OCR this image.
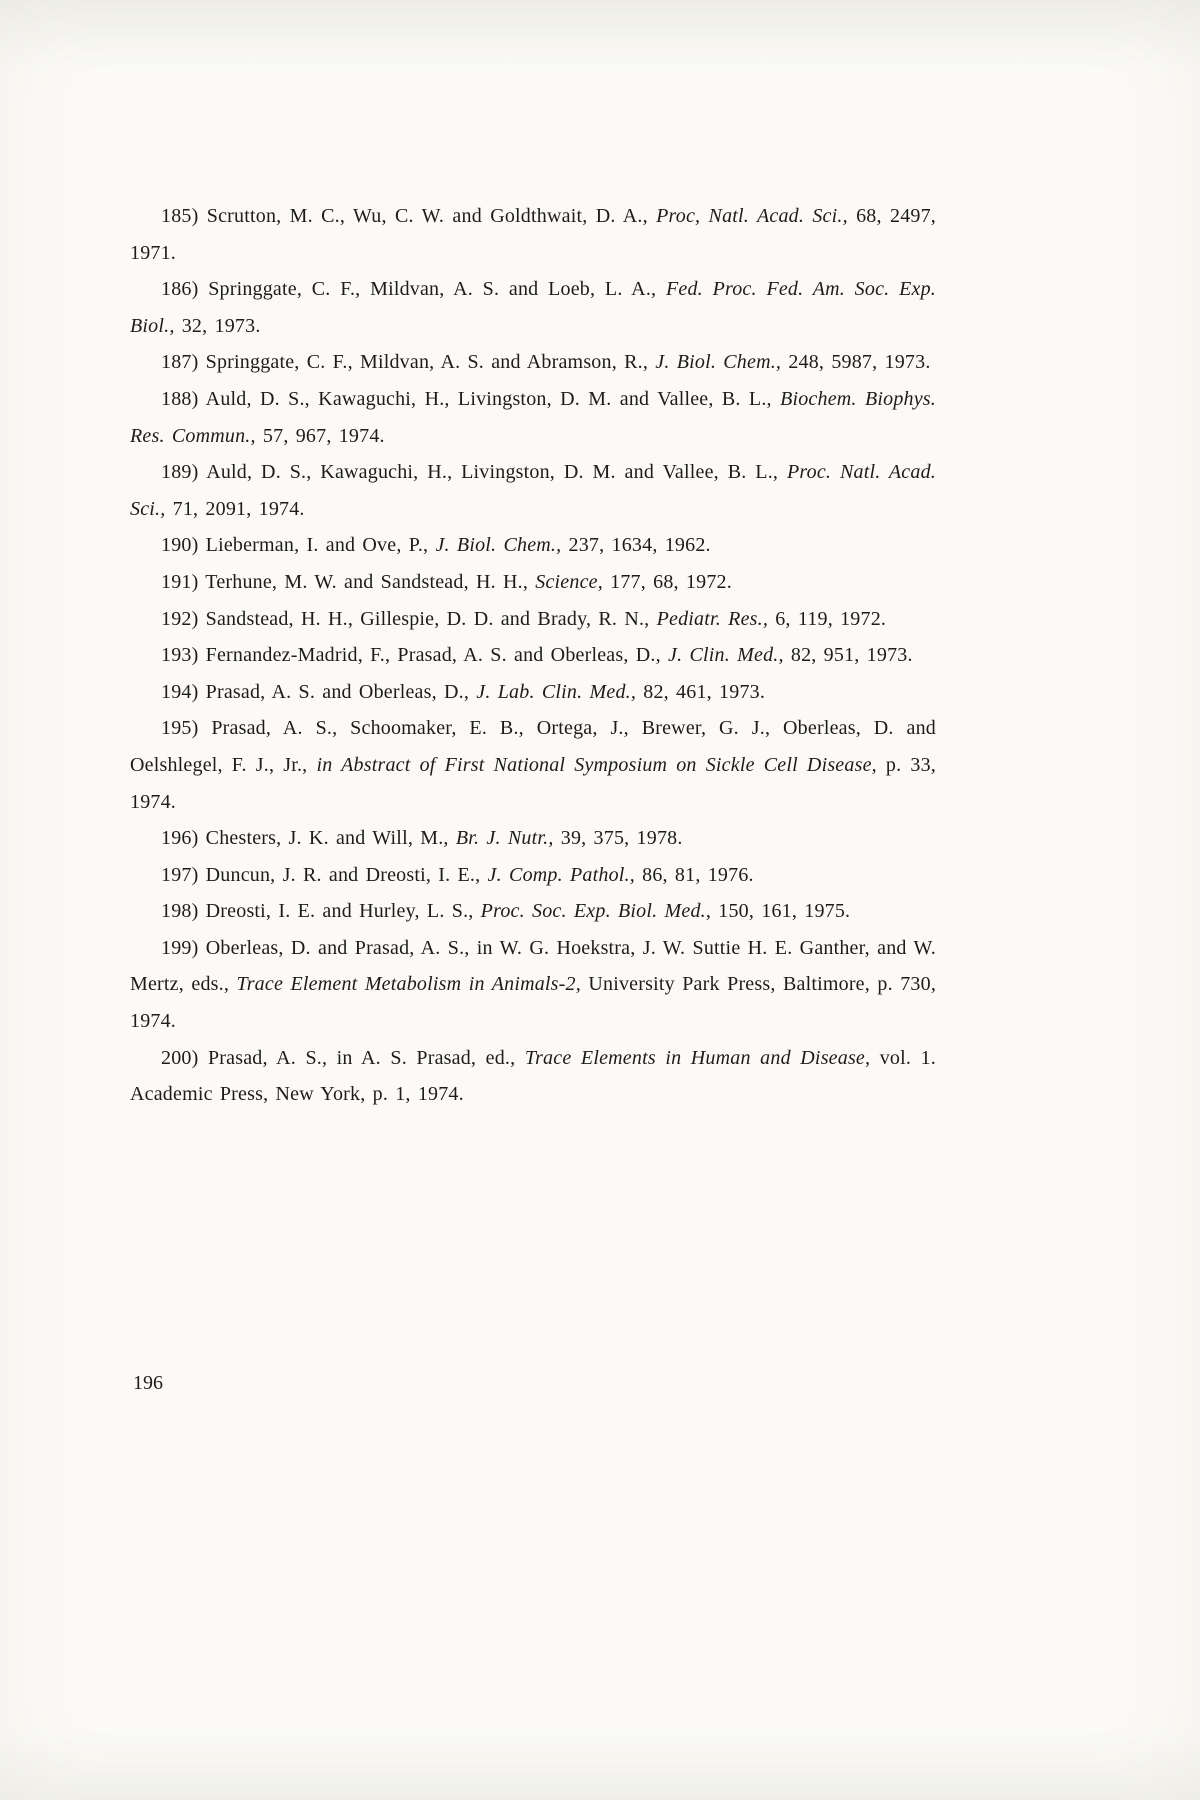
185) Scrutton, M. C., Wu, C. W. and Goldthwait, D. A., Proc, Natl. Acad. Sci., 68, 2497, 1971.

186) Springgate, C. F., Mildvan, A. S. and Loeb, L. A., Fed. Proc. Fed. Am. Soc. Exp. Biol., 32, 1973.

187) Springgate, C. F., Mildvan, A. S. and Abramson, R., J. Biol. Chem., 248, 5987, 1973.

188) Auld, D. S., Kawaguchi, H., Livingston, D. M. and Vallee, B. L., Biochem. Biophys. Res. Commun., 57, 967, 1974.

189) Auld, D. S., Kawaguchi, H., Livingston, D. M. and Vallee, B. L., Proc. Natl. Acad. Sci., 71, 2091, 1974.

190) Lieberman, I. and Ove, P., J. Biol. Chem., 237, 1634, 1962.

191) Terhune, M. W. and Sandstead, H. H., Science, 177, 68, 1972.

192) Sandstead, H. H., Gillespie, D. D. and Brady, R. N., Pediatr. Res., 6, 119, 1972.

193) Fernandez-Madrid, F., Prasad, A. S. and Oberleas, D., J. Clin. Med., 82, 951, 1973.

194) Prasad, A. S. and Oberleas, D., J. Lab. Clin. Med., 82, 461, 1973.

195) Prasad, A. S., Schoomaker, E. B., Ortega, J., Brewer, G. J., Oberleas, D. and Oelshlegel, F. J., Jr., in Abstract of First National Symposium on Sickle Cell Disease, p. 33, 1974.

196) Chesters, J. K. and Will, M., Br. J. Nutr., 39, 375, 1978.

197) Duncun, J. R. and Dreosti, I. E., J. Comp. Pathol., 86, 81, 1976.

198) Dreosti, I. E. and Hurley, L. S., Proc. Soc. Exp. Biol. Med., 150, 161, 1975.

199) Oberleas, D. and Prasad, A. S., in W. G. Hoekstra, J. W. Suttie H. E. Ganther, and W. Mertz, eds., Trace Element Metabolism in Animals-2, University Park Press, Baltimore, p. 730, 1974.

200) Prasad, A. S., in A. S. Prasad, ed., Trace Elements in Human and Disease, vol. 1. Academic Press, New York, p. 1, 1974.

196
